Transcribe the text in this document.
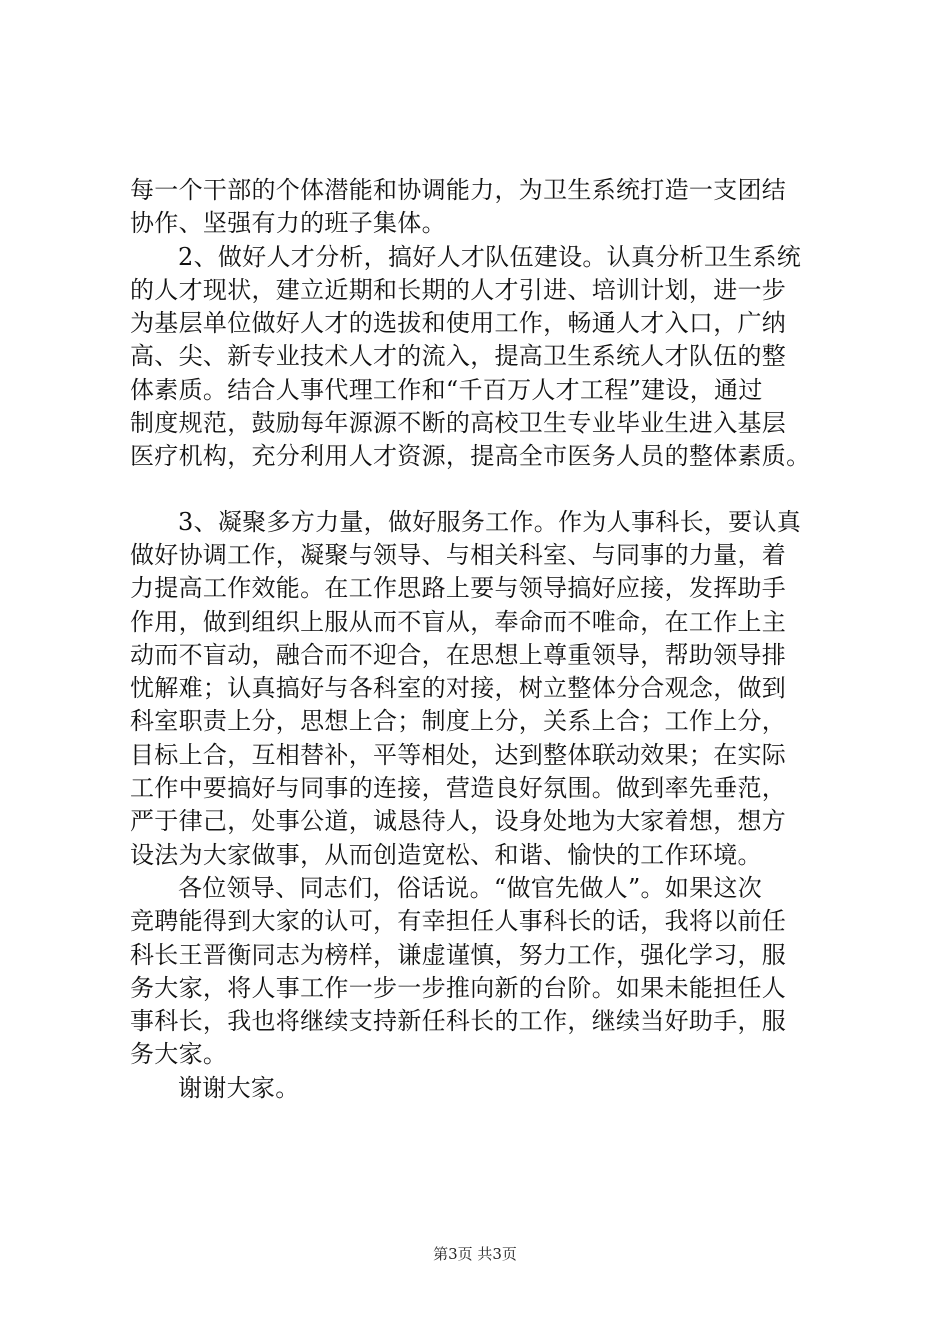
每一个干部的个体潜能和协调能力，为卫生系统打造一支团结
协作、坚强有力的班子集体。
2、做好人才分析，搞好人才队伍建设。认真分析卫生系统
的人才现状，建立近期和长期的人才引进、培训计划，进一步
为基层单位做好人才的选拔和使用工作，畅通人才入口，广纳
高、尖、新专业技术人才的流入，提高卫生系统人才队伍的整
体素质。结合人事代理工作和“千百万人才工程”建设，通过
制度规范，鼓励每年源源不断的高校卫生专业毕业生进入基层
医疗机构，充分利用人才资源，提高全市医务人员的整体素质。
3、凝聚多方力量，做好服务工作。作为人事科长，要认真
做好协调工作，凝聚与领导、与相关科室、与同事的力量，着
力提高工作效能。在工作思路上要与领导搞好应接，发挥助手
作用，做到组织上服从而不盲从，奉命而不唯命，在工作上主
动而不盲动，融合而不迎合，在思想上尊重领导，帮助领导排
忧解难；认真搞好与各科室的对接，树立整体分合观念，做到
科室职责上分，思想上合；制度上分，关系上合；工作上分，
目标上合，互相替补，平等相处，达到整体联动效果；在实际
工作中要搞好与同事的连接，营造良好氛围。做到率先垂范，
严于律己，处事公道，诚恳待人，设身处地为大家着想，想方
设法为大家做事，从而创造宽松、和谐、愉快的工作环境。
各位领导、同志们，俗话说。“做官先做人”。如果这次
竞聘能得到大家的认可，有幸担任人事科长的话，我将以前任
科长王晋衡同志为榜样，谦虚谨慎，努力工作，强化学习，服
务大家，将人事工作一步一步推向新的台阶。如果未能担任人
事科长，我也将继续支持新任科长的工作，继续当好助手，服
务大家。
谢谢大家。
第3页 共3页
